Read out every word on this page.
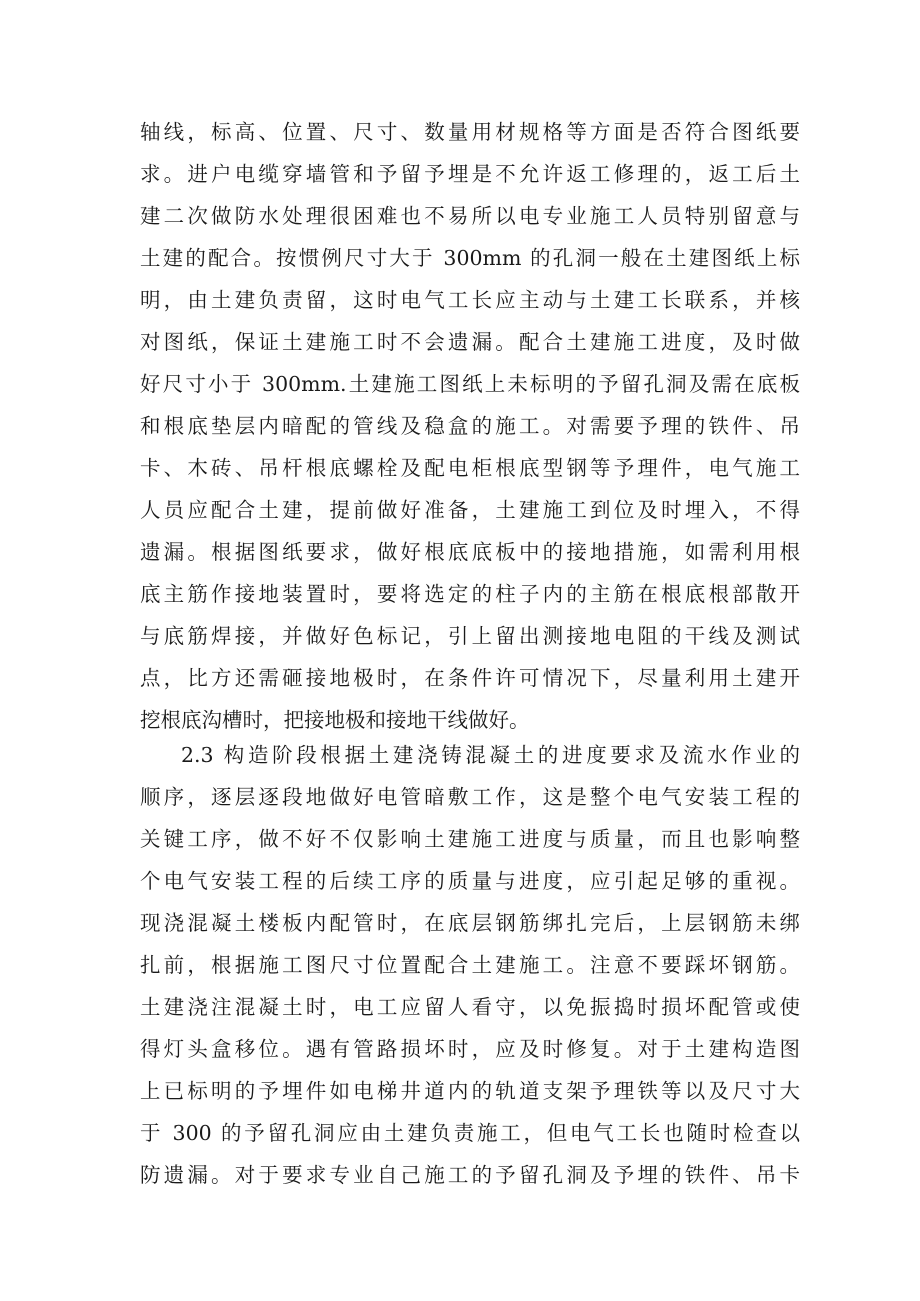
轴线，标高、位置、尺寸、数量用材规格等方面是否符合图纸要
求。进户电缆穿墙管和予留予埋是不允许返工修理的，返工后土
建二次做防水处理很困难也不易所以电专业施工人员特别留意与
土建的配合。按惯例尺寸大于 300mm 的孔洞一般在土建图纸上标
明，由土建负责留，这时电气工长应主动与土建工长联系，并核
对图纸，保证土建施工时不会遗漏。配合土建施工进度，及时做
好尺寸小于 300mm.土建施工图纸上未标明的予留孔洞及需在底板
和根底垫层内暗配的管线及稳盒的施工。对需要予理的铁件、吊
卡、木砖、吊杆根底螺栓及配电柜根底型钢等予理件，电气施工
人员应配合土建，提前做好准备，土建施工到位及时埋入，不得
遗漏。根据图纸要求，做好根底底板中的接地措施，如需利用根
底主筋作接地装置时，要将选定的柱子内的主筋在根底根部散开
与底筋焊接，并做好色标记，引上留出测接地电阻的干线及测试
点，比方还需砸接地极时，在条件许可情况下，尽量利用土建开
挖根底沟槽时，把接地极和接地干线做好。

2.3 构造阶段根据土建浇铸混凝土的进度要求及流水作业的
顺序，逐层逐段地做好电管暗敷工作，这是整个电气安装工程的
关键工序，做不好不仅影响土建施工进度与质量，而且也影响整
个电气安装工程的后续工序的质量与进度，应引起足够的重视。
现浇混凝土楼板内配管时，在底层钢筋绑扎完后，上层钢筋未绑
扎前，根据施工图尺寸位置配合土建施工。注意不要踩坏钢筋。
土建浇注混凝土时，电工应留人看守，以免振捣时损坏配管或使
得灯头盒移位。遇有管路损坏时，应及时修复。对于土建构造图
上已标明的予埋件如电梯井道内的轨道支架予理铁等以及尺寸大
于 300 的予留孔洞应由土建负责施工，但电气工长也随时检查以
防遗漏。对于要求专业自己施工的予留孔洞及予埋的铁件、吊卡
